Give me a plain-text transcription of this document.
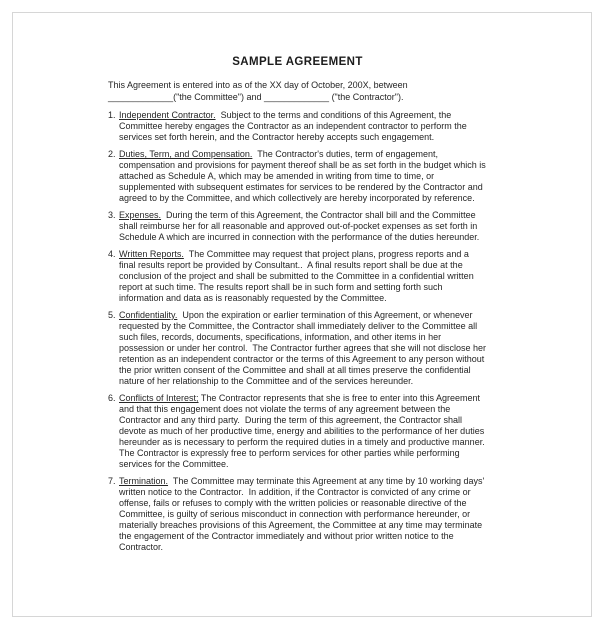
SAMPLE AGREEMENT

This Agreement is entered into as of the XX day of October, 200X, between
_____________("the Committee") and _____________ ("the Contractor").

1. Independent Contractor.  Subject to the terms and conditions of this Agreement, the Committee hereby engages the Contractor as an independent contractor to perform the services set forth herein, and the Contractor hereby accepts such engagement.
2. Duties, Term, and Compensation.  The Contractor's duties, term of engagement, compensation and provisions for payment thereof shall be as set forth in the budget which is attached as Schedule A, which may be amended in writing from time to time, or supplemented with subsequent estimates for services to be rendered by the Contractor and agreed to by the Committee, and which collectively are hereby incorporated by reference.
3. Expenses.  During the term of this Agreement, the Contractor shall bill and the Committee shall reimburse her for all reasonable and approved out-of-pocket expenses as set forth in Schedule A which are incurred in connection with the performance of the duties hereunder.
4. Written Reports.  The Committee may request that project plans, progress reports and a final results report be provided by Consultant..  A final results report shall be due at the conclusion of the project and shall be submitted to the Committee in a confidential written report at such time. The results report shall be in such form and setting forth such information and data as is reasonably requested by the Committee.
5. Confidentiality.  Upon the expiration or earlier termination of this Agreement, or whenever requested by the Committee, the Contractor shall immediately deliver to the Committee all such files, records, documents, specifications, information, and other items in her possession or under her control.  The Contractor further agrees that she will not disclose her retention as an independent contractor or the terms of this Agreement to any person without the prior written consent of the Committee and shall at all times preserve the confidential nature of her relationship to the Committee and of the services hereunder.
6. Conflicts of Interest; The Contractor represents that she is free to enter into this Agreement and that this engagement does not violate the terms of any agreement between the Contractor and any third party.  During the term of this agreement, the Contractor shall devote as much of her productive time, energy and abilities to the performance of her duties hereunder as is necessary to perform the required duties in a timely and productive manner.  The Contractor is expressly free to perform services for other parties while performing services for the Committee.
7. Termination.  The Committee may terminate this Agreement at any time by 10 working days' written notice to the Contractor.  In addition, if the Contractor is convicted of any crime or offense, fails or refuses to comply with the written policies or reasonable directive of the Committee, is guilty of serious misconduct in connection with performance hereunder, or materially breaches provisions of this Agreement, the Committee at any time may terminate the engagement of the Contractor immediately and without prior written notice to the Contractor.
